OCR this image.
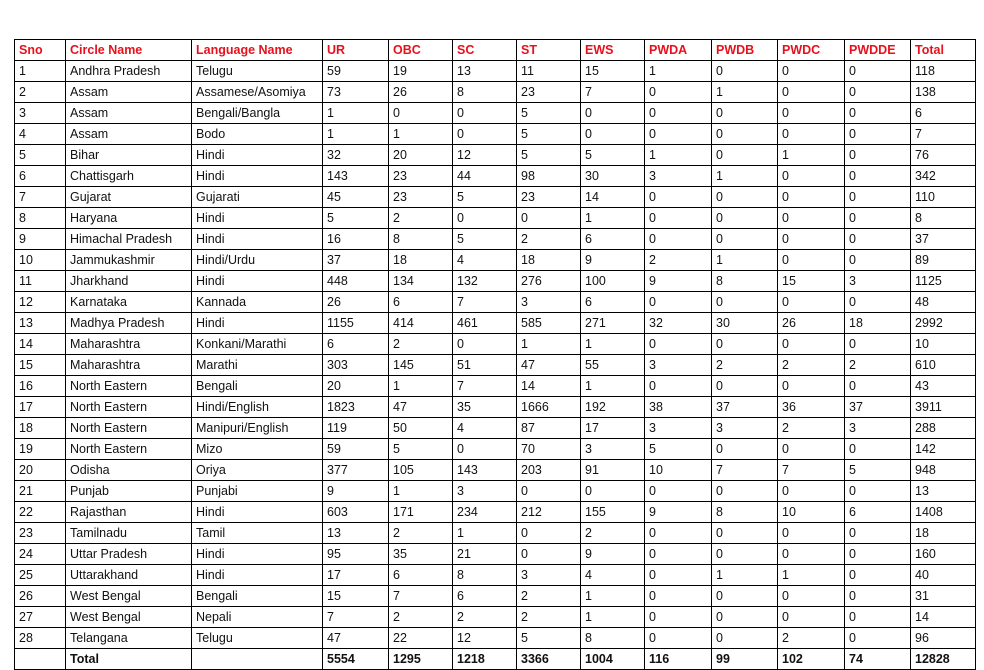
Sno	Circle Name	Language Name	UR	OBC	SC	ST	EWS	PWDA	PWDB	PWDC	PWDDE	Total
1	Andhra Pradesh	Telugu	59	19	13	11	15	1	0	0	0	118
2	Assam	Assamese/Asomiya	73	26	8	23	7	0	1	0	0	138
3	Assam	Bengali/Bangla	1	0	0	5	0	0	0	0	0	6
4	Assam	Bodo	1	1	0	5	0	0	0	0	0	7
5	Bihar	Hindi	32	20	12	5	5	1	0	1	0	76
6	Chattisgarh	Hindi	143	23	44	98	30	3	1	0	0	342
7	Gujarat	Gujarati	45	23	5	23	14	0	0	0	0	110
8	Haryana	Hindi	5	2	0	0	1	0	0	0	0	8
9	Himachal Pradesh	Hindi	16	8	5	2	6	0	0	0	0	37
10	Jammukashmir	Hindi/Urdu	37	18	4	18	9	2	1	0	0	89
11	Jharkhand	Hindi	448	134	132	276	100	9	8	15	3	1125
12	Karnataka	Kannada	26	6	7	3	6	0	0	0	0	48
13	Madhya Pradesh	Hindi	1155	414	461	585	271	32	30	26	18	2992
14	Maharashtra	Konkani/Marathi	6	2	0	1	1	0	0	0	0	10
15	Maharashtra	Marathi	303	145	51	47	55	3	2	2	2	610
16	North Eastern	Bengali	20	1	7	14	1	0	0	0	0	43
17	North Eastern	Hindi/English	1823	47	35	1666	192	38	37	36	37	3911
18	North Eastern	Manipuri/English	119	50	4	87	17	3	3	2	3	288
19	North Eastern	Mizo	59	5	0	70	3	5	0	0	0	142
20	Odisha	Oriya	377	105	143	203	91	10	7	7	5	948
21	Punjab	Punjabi	9	1	3	0	0	0	0	0	0	13
22	Rajasthan	Hindi	603	171	234	212	155	9	8	10	6	1408
23	Tamilnadu	Tamil	13	2	1	0	2	0	0	0	0	18
24	Uttar Pradesh	Hindi	95	35	21	0	9	0	0	0	0	160
25	Uttarakhand	Hindi	17	6	8	3	4	0	1	1	0	40
26	West Bengal	Bengali	15	7	6	2	1	0	0	0	0	31
27	West Bengal	Nepali	7	2	2	2	1	0	0	0	0	14
28	Telangana	Telugu	47	22	12	5	8	0	0	2	0	96
	Total		5554	1295	1218	3366	1004	116	99	102	74	12828
